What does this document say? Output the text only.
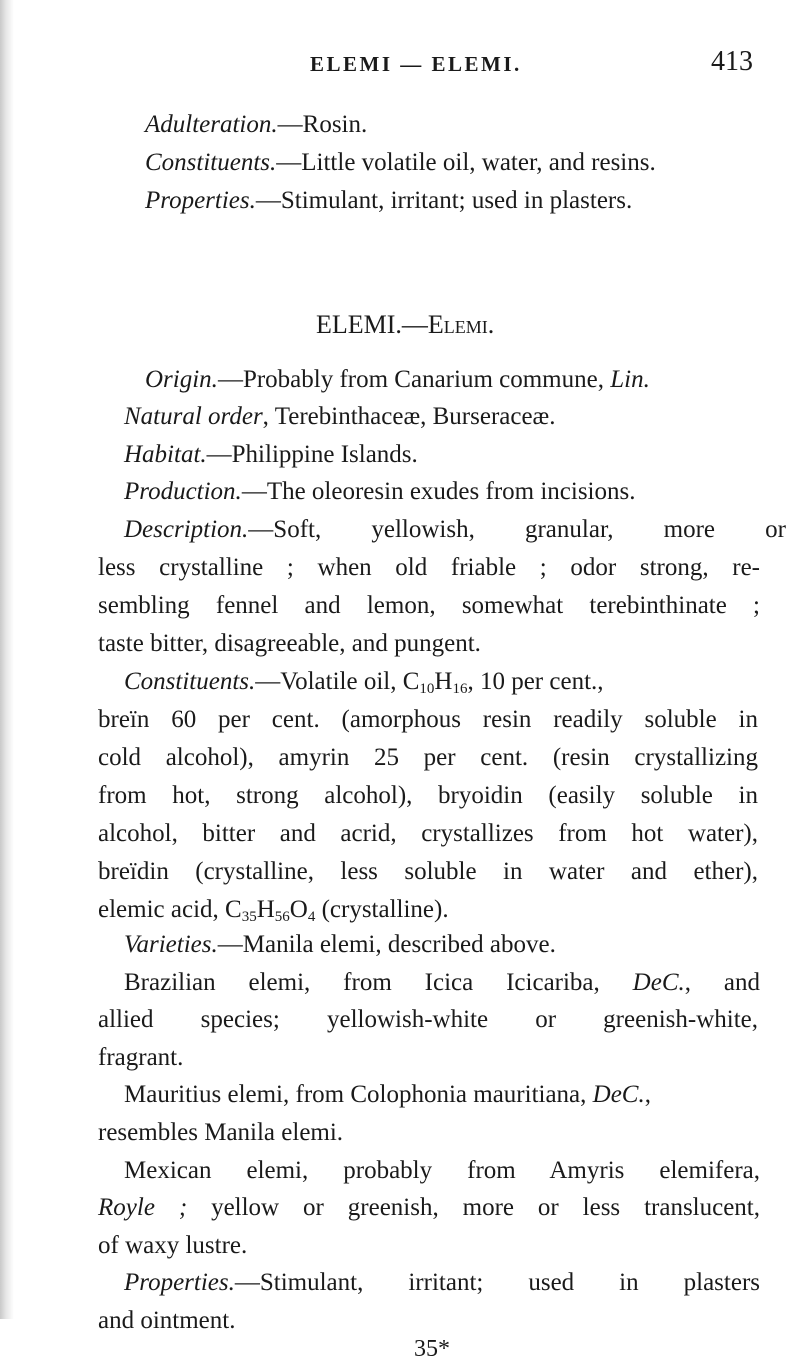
ELEMI — ELEMI.	413
Adulteration.—Rosin.
Constituents.—Little volatile oil, water, and resins.
Properties.—Stimulant, irritant; used in plasters.
ELEMI.—Elemi.
Origin.—Probably from Canarium commune, Lin.
Natural order, Terebinthaceæ, Burseraceæ.
Habitat.—Philippine Islands.
Production.—The oleoresin exudes from incisions.
Description.—Soft, yellowish, granular, more or
less crystalline ; when old friable ; odor strong, re-
sembling fennel and lemon, somewhat terebinthinate ;
taste bitter, disagreeable, and pungent.
Constituents.—Volatile oil, $C_{10}H_{16}$, 10 per cent.,
breïn 60 per cent. (amorphous resin readily soluble in
cold alcohol), amyrin 25 per cent. (resin crystallizing
from hot, strong alcohol), bryoidin (easily soluble in
alcohol, bitter and acrid, crystallizes from hot water),
breïdin (crystalline, less soluble in water and ether),
elemic acid, $C_{35}H_{56}O_4$ (crystalline).
Varieties.—Manila elemi, described above.
Brazilian elemi, from Icica Icicariba, DeC., and
allied species; yellowish-white or greenish-white,
fragrant.
Mauritius elemi, from Colophonia mauritiana, DeC.,
resembles Manila elemi.
Mexican elemi, probably from Amyris elemifera,
Royle ; yellow or greenish, more or less translucent,
of waxy lustre.
Properties.—Stimulant, irritant; used in plasters
and ointment.
35*
